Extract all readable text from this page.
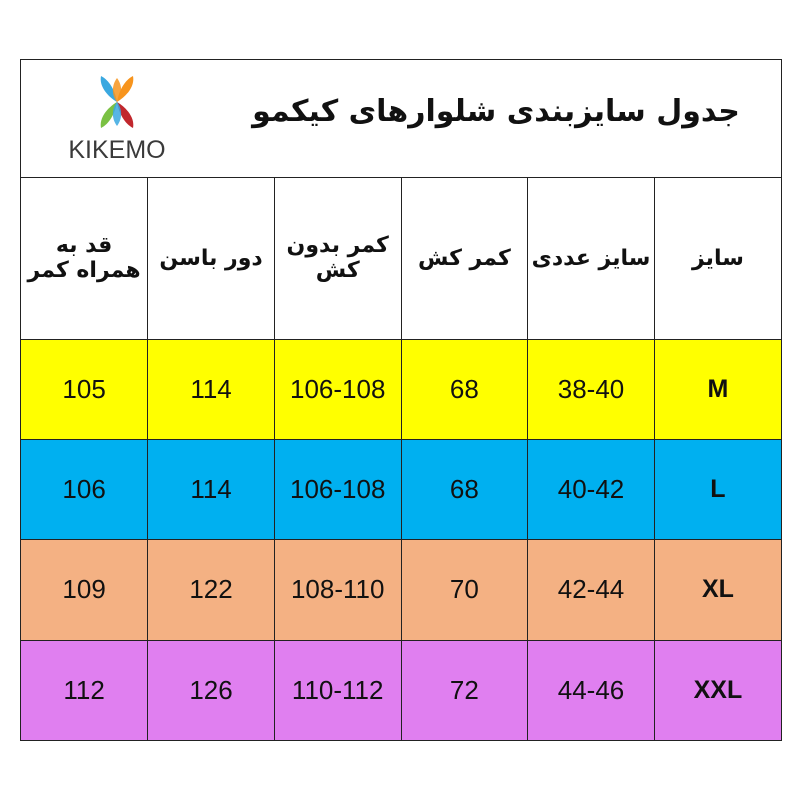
KIKEMO
جدول سایزبندی شلوارهای کیکمو
سایز	سایز عددی	کمر کش	کمر بدون کش	دور باسن	قد به همراه کمر
M	38-40	68	106-108	114	105
L	40-42	68	106-108	114	106
XL	42-44	70	108-110	122	109
XXL	44-46	72	110-112	126	112
